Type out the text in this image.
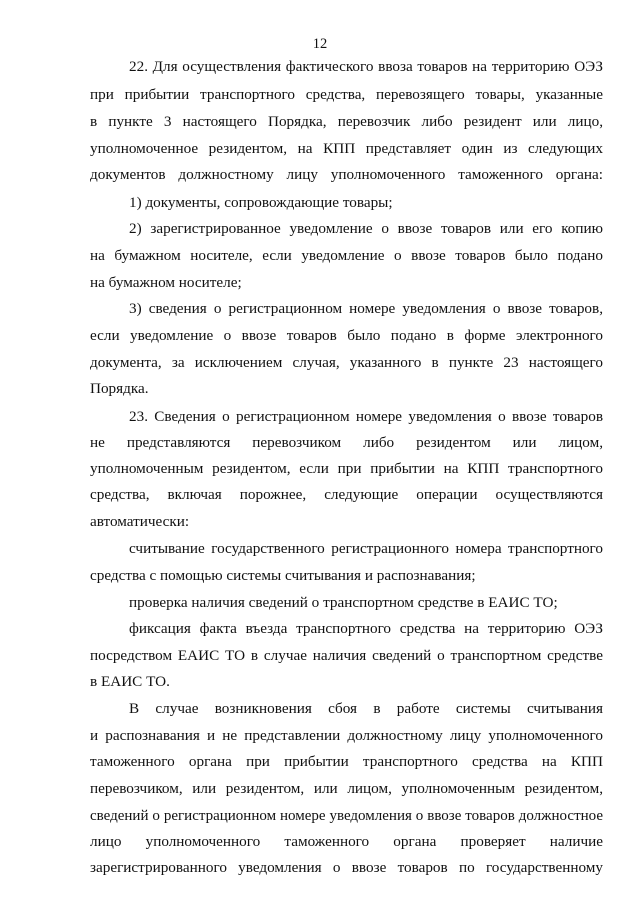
12
22. Для осуществления фактического ввоза товаров на территорию ОЭЗ
при прибытии транспортного средства, перевозящего товары, указанные
в пункте 3 настоящего Порядка, перевозчик либо резидент или лицо,
уполномоченное резидентом, на КПП представляет один из следующих
документов должностному лицу уполномоченного таможенного органа:
1) документы, сопровождающие товары;
2) зарегистрированное уведомление о ввозе товаров или его копию
на бумажном носителе, если уведомление о ввозе товаров было подано
на бумажном носителе;
3) сведения о регистрационном номере уведомления о ввозе товаров,
если уведомление о ввозе товаров было подано в форме электронного
документа, за исключением случая, указанного в пункте 23 настоящего
Порядка.
23. Сведения о регистрационном номере уведомления о ввозе товаров
не представляются перевозчиком либо резидентом или лицом,
уполномоченным резидентом, если при прибытии на КПП транспортного
средства, включая порожнее, следующие операции осуществляются
автоматически:
считывание государственного регистрационного номера транспортного
средства с помощью системы считывания и распознавания;
проверка наличия сведений о транспортном средстве в ЕАИС ТО;
фиксация факта въезда транспортного средства на территорию ОЭЗ
посредством ЕАИС ТО в случае наличия сведений о транспортном средстве
в ЕАИС ТО.
В случае возникновения сбоя в работе системы считывания
и распознавания и не представлении должностному лицу уполномоченного
таможенного органа при прибытии транспортного средства на КПП
перевозчиком, или резидентом, или лицом, уполномоченным резидентом,
сведений о регистрационном номере уведомления о ввозе товаров должностное
лицо уполномоченного таможенного органа проверяет наличие
зарегистрированного уведомления о ввозе товаров по государственному
